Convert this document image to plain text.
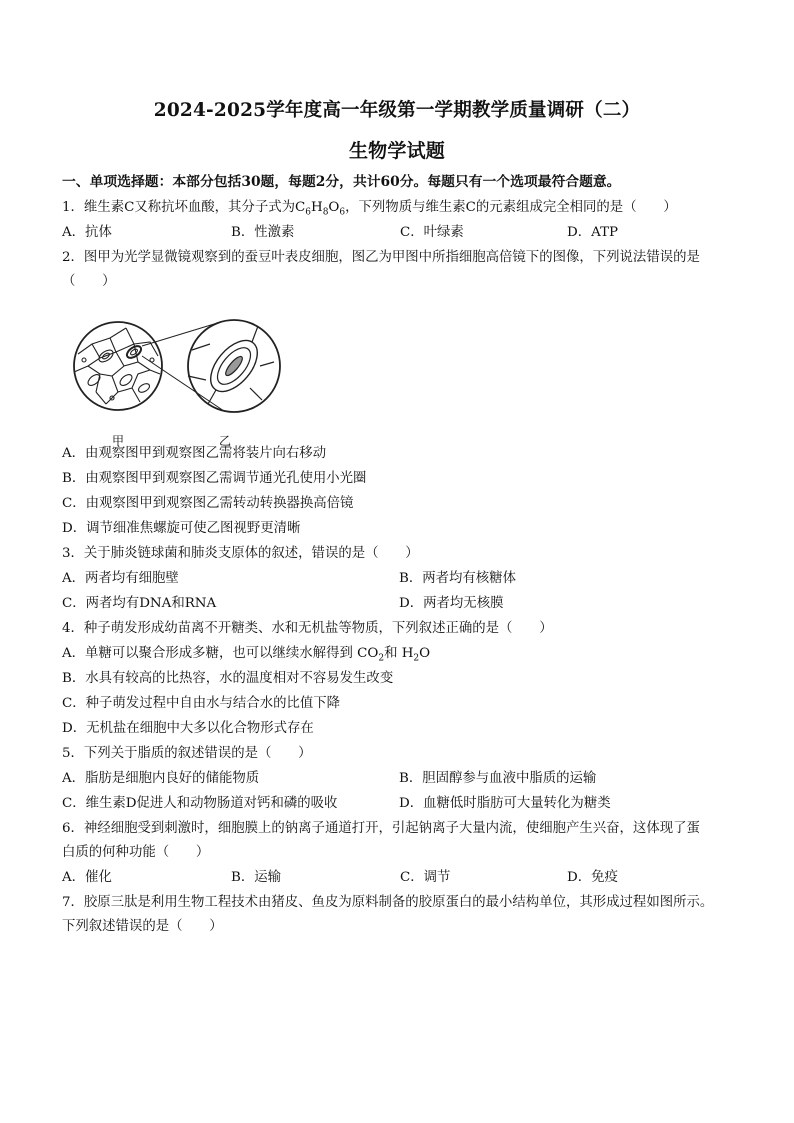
2024-2025学年度高一年级第一学期教学质量调研（二）
生物学试题
一、单项选择题：本部分包括30题，每题2分，共计60分。每题只有一个选项最符合题意。
1．维生素C又称抗坏血酸，其分子式为$C_6H_8O_6$，下列物质与维生素C的元素组成完全相同的是（　　）
A．抗体	B．性激素	C．叶绿素	D．ATP
2．图甲为光学显微镜观察到的蚕豆叶表皮细胞，图乙为甲图中所指细胞高倍镜下的图像，下列说法错误的是
（　　）
甲	乙
A．由观察图甲到观察图乙需将装片向右移动
B．由观察图甲到观察图乙需调节通光孔使用小光圈
C．由观察图甲到观察图乙需转动转换器换高倍镜
D．调节细准焦螺旋可使乙图视野更清晰
3．关于肺炎链球菌和肺炎支原体的叙述，错误的是（　　）
A．两者均有细胞壁	B．两者均有核糖体
C．两者均有DNA和RNA	D．两者均无核膜
4．种子萌发形成幼苗离不开糖类、水和无机盐等物质，下列叙述正确的是（　　）
A．单糖可以聚合形成多糖，也可以继续水解得到 $CO_2$和 $H_2O$
B．水具有较高的比热容，水的温度相对不容易发生改变
C．种子萌发过程中自由水与结合水的比值下降
D．无机盐在细胞中大多以化合物形式存在
5．下列关于脂质的叙述错误的是（　　）
A．脂肪是细胞内良好的储能物质	B．胆固醇参与血液中脂质的运输
C．维生素D促进人和动物肠道对钙和磷的吸收	D．血糖低时脂肪可大量转化为糖类
6．神经细胞受到刺激时，细胞膜上的钠离子通道打开，引起钠离子大量内流，使细胞产生兴奋，这体现了蛋
白质的何种功能（　　）
A．催化	B．运输	C．调节	D．免疫
7．胶原三肽是利用生物工程技术由猪皮、鱼皮为原料制备的胶原蛋白的最小结构单位，其形成过程如图所示。
下列叙述错误的是（　　）
